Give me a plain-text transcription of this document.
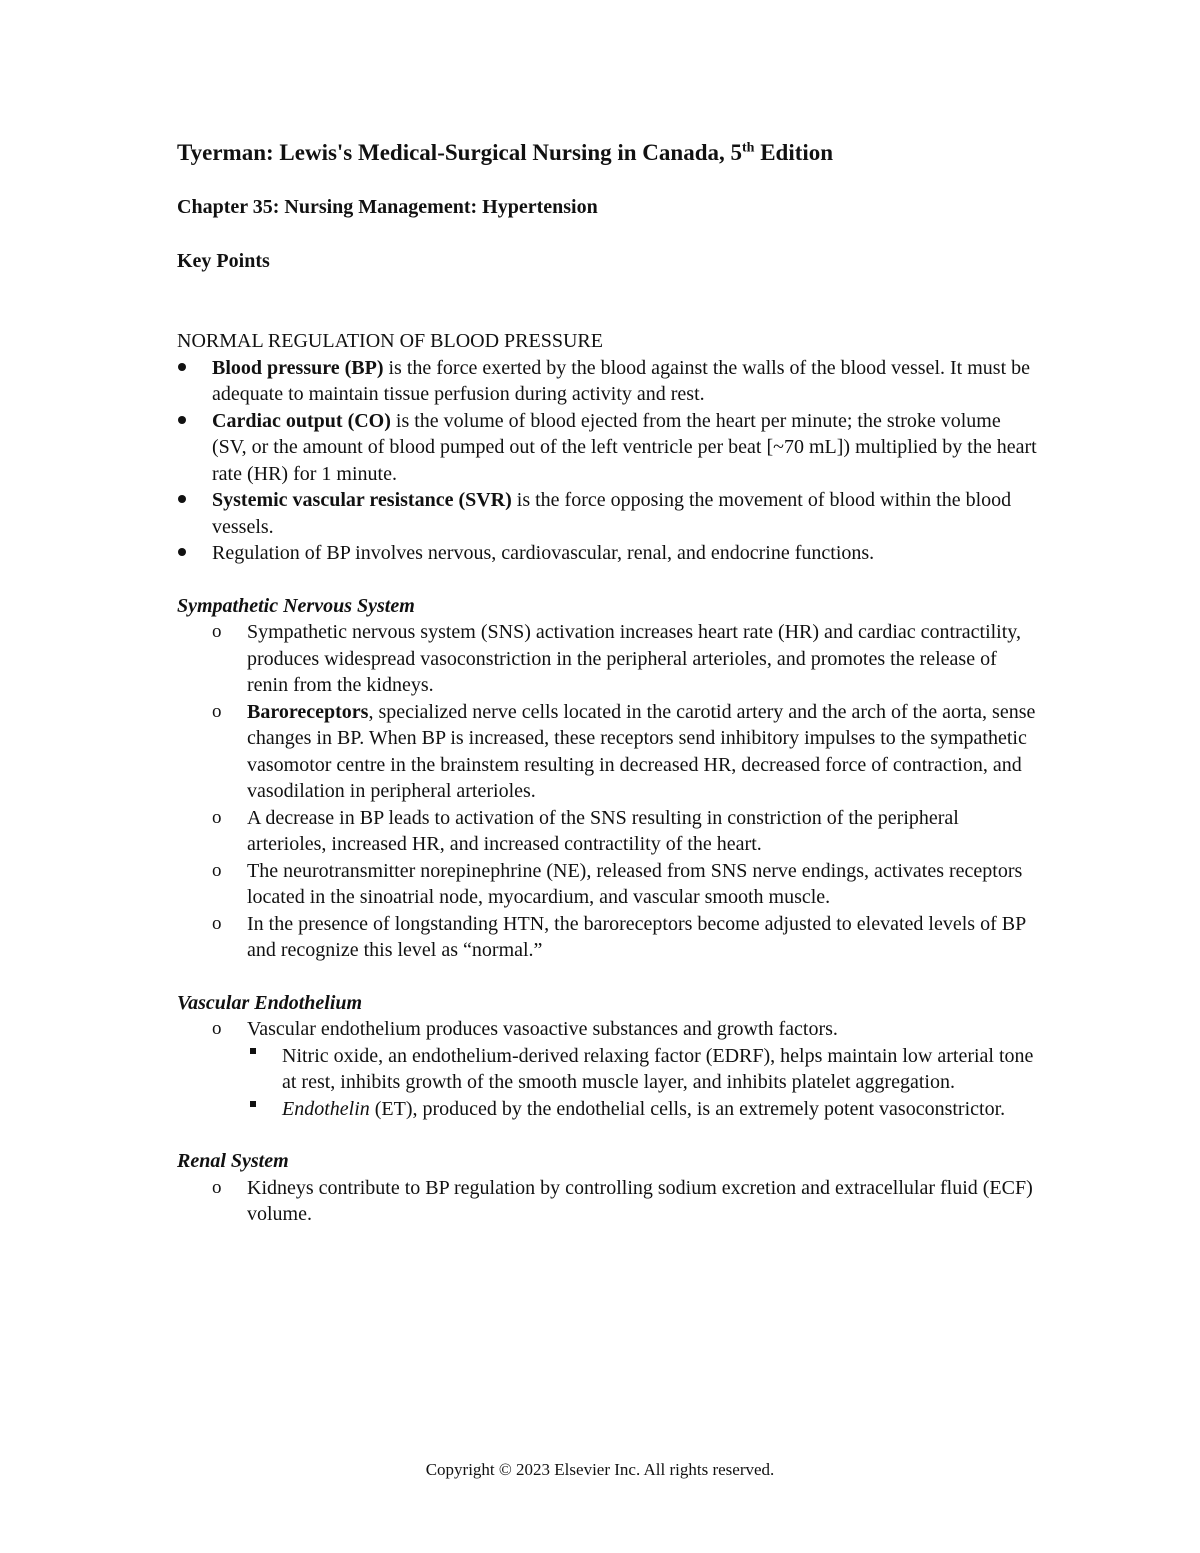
Tyerman: Lewis's Medical-Surgical Nursing in Canada, 5th Edition
Chapter 35: Nursing Management: Hypertension
Key Points
NORMAL REGULATION OF BLOOD PRESSURE
Blood pressure (BP) is the force exerted by the blood against the walls of the blood vessel. It must be adequate to maintain tissue perfusion during activity and rest.
Cardiac output (CO) is the volume of blood ejected from the heart per minute; the stroke volume (SV, or the amount of blood pumped out of the left ventricle per beat [~70 mL]) multiplied by the heart rate (HR) for 1 minute.
Systemic vascular resistance (SVR) is the force opposing the movement of blood within the blood vessels.
Regulation of BP involves nervous, cardiovascular, renal, and endocrine functions.
Sympathetic Nervous System
o	Sympathetic nervous system (SNS) activation increases heart rate (HR) and cardiac contractility, produces widespread vasoconstriction in the peripheral arterioles, and promotes the release of renin from the kidneys.
o	Baroreceptors, specialized nerve cells located in the carotid artery and the arch of the aorta, sense changes in BP. When BP is increased, these receptors send inhibitory impulses to the sympathetic vasomotor centre in the brainstem resulting in decreased HR, decreased force of contraction, and vasodilation in peripheral arterioles.
o	A decrease in BP leads to activation of the SNS resulting in constriction of the peripheral arterioles, increased HR, and increased contractility of the heart.
o	The neurotransmitter norepinephrine (NE), released from SNS nerve endings, activates receptors located in the sinoatrial node, myocardium, and vascular smooth muscle.
o	In the presence of longstanding HTN, the baroreceptors become adjusted to elevated levels of BP and recognize this level as “normal.”
Vascular Endothelium
o	Vascular endothelium produces vasoactive substances and growth factors.
Nitric oxide, an endothelium-derived relaxing factor (EDRF), helps maintain low arterial tone at rest, inhibits growth of the smooth muscle layer, and inhibits platelet aggregation.
Endothelin (ET), produced by the endothelial cells, is an extremely potent vasoconstrictor.
Renal System
o	Kidneys contribute to BP regulation by controlling sodium excretion and extracellular fluid (ECF) volume.
Copyright © 2023 Elsevier Inc. All rights reserved.
